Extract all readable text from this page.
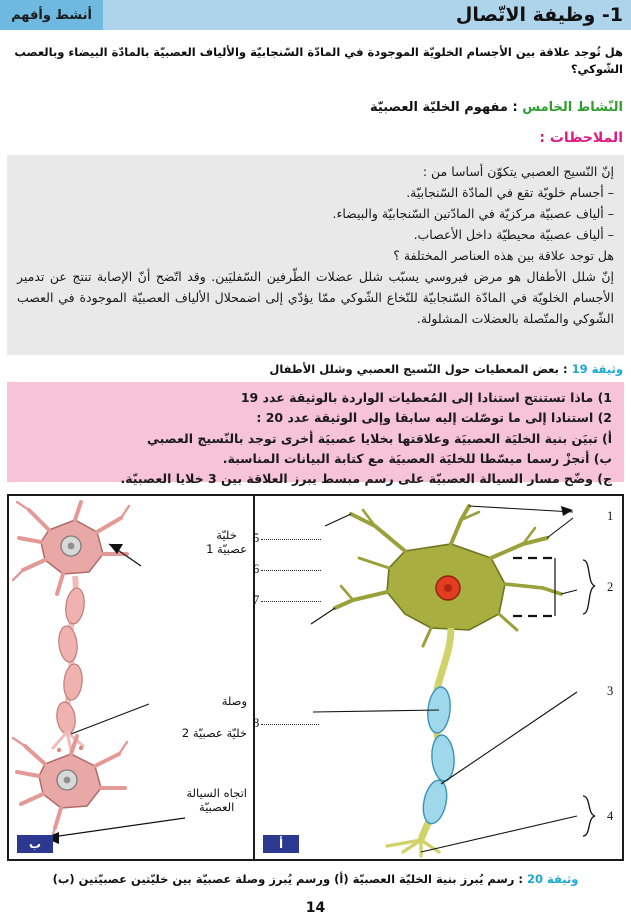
أنشط وأفهم	1- وظيفة الاتّصال
هل تُوجد علاقة بين الأجسام الخلويّة الموجودة في المادّة السّنجابيّة والألياف العصبيّة بالمادّة البيضاء وبالعصب الشّوكي؟
النّشاط الخامس : مفهوم الخليّة العصبيّة
الملاحظات :

إنّ النّسيج العصبي يتكوّن أساسا من :

– أجسام خلويّة تقع في المادّة السّنجابيّة.

– ألياف عصبيّة مركزيّة في المادّتين السّنجابيّة والبيضاء.

– ألياف عصبيّة محيطيّة داخل الأعصاب.

هل توجد علاقة بين هذه العناصر المختلفة ؟

إنّ شلل الأطفال هو مرض فيروسي يسبّب شلل عضلات الطّرفين السّفليَين. وقد اتّضح أنّ الإصابة تنتج عن تدمير الأجسام الخلويّة في المادّة السّنجابيّة للنّخاع الشّوكي ممّا يؤدّي إلى اضمحلال الألياف العصبيّة الموجودة في العصب الشّوكي والمتّصلة بالعضلات المشلولة.

وثيقة 19 : بعض المعطيات حول النّسيج العصبي وشلل الأطفال

1) ماذا تستنتج استنادا إلى المُعطيات الواردة بالوثيقة عدد 19

2) استنادا إلى ما توصّلت إليه سابقا وإلى الوثيقة عدد 20 :

أ) تبيَن بنية الخليَة العصبيَة وعلاقتها بخلايا عصبيَة أخرى توجد بالنّسيج العصبي

ب) أنجزْ رسما مبسّطا للخليَة العصبيَة مع كتابة البيانات المناسبة.

ج) وضّح مسار السيالة العصبيّة على رسم مبسط يبرز العلاقة بين 3 خلايا العصبيّة.

1
2
3
4
5
6
7
8
أ
خليّة
عصبيّة 1
وصلة
خليّة عصبيّة 2
اتجاه السيالة
العصبيّة
ب
وثيقة 20 : رسم يُبرز بنية الخليّة العصبيّة (أ) ورسم يُبرز وصلة عصبيّة بين خليّتين عصبيّتين (ب)
14
